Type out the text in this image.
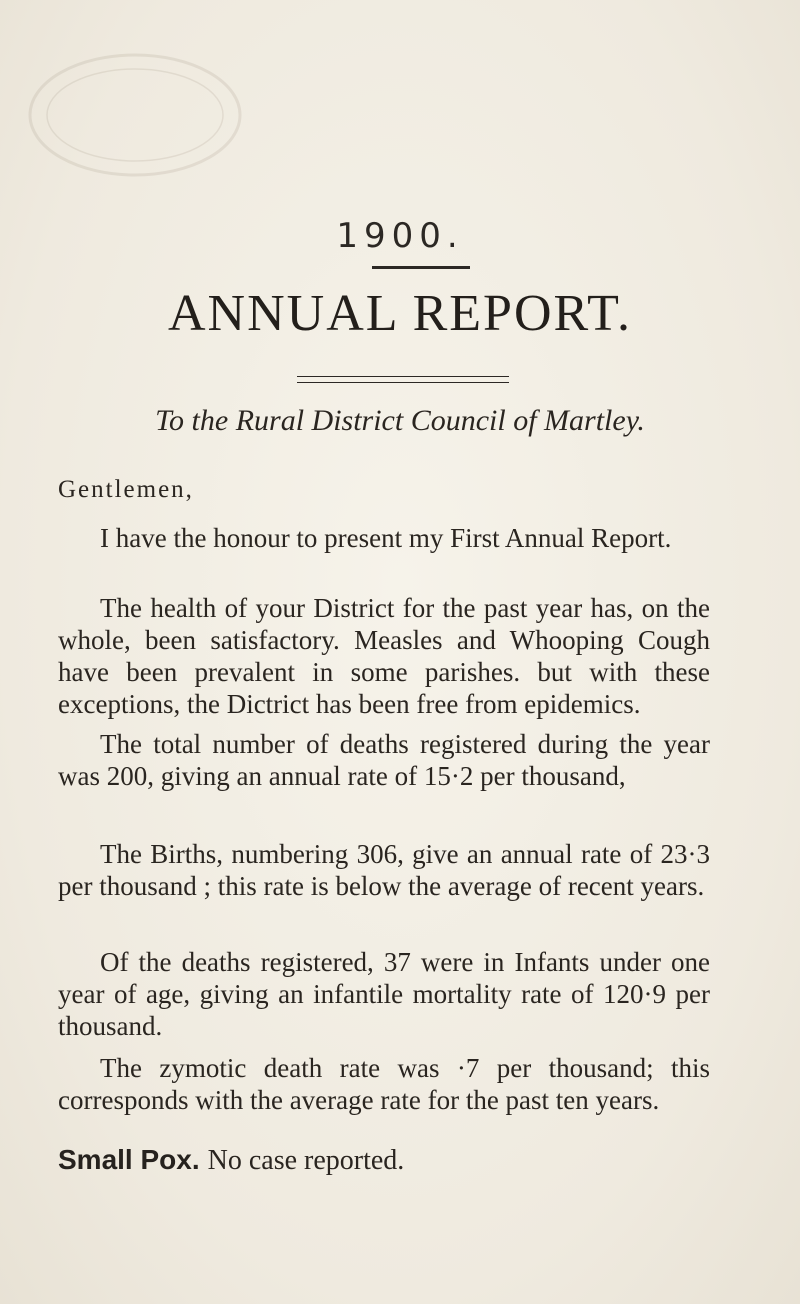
1900.
ANNUAL REPORT.
To the Rural District Council of Martley.
Gentlemen,
I have the honour to present my First Annual Report.
The health of your District for the past year has, on the whole, been satisfactory. Measles and Whooping Cough have been prevalent in some parishes. but with these exceptions, the Dictrict has been free from epidemics.
The total number of deaths registered during the year was 200, giving an annual rate of 15·2 per thousand,
The Births, numbering 306, give an annual rate of 23·3 per thousand ; this rate is below the average of recent years.
Of the deaths registered, 37 were in Infants under one year of age, giving an infantile mortality rate of 120·9 per thousand.
The zymotic death rate was ·7 per thousand; this corresponds with the average rate for the past ten years.
Small Pox. No case reported.
